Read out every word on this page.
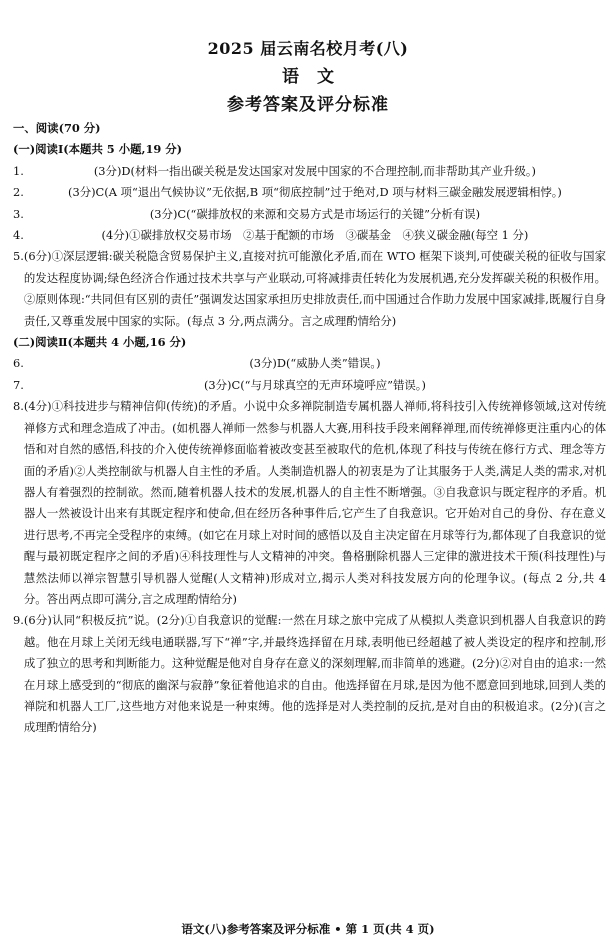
2025 届云南名校月考(八)
语文
参考答案及评分标准
一、阅读(70 分)
(一)阅读Ⅰ(本题共 5 小题,19 分)
1.	(3分)D(材料一指出碳关税是发达国家对发展中国家的不合理控制,而非帮助其产业升级。)
2.	(3分)C(A 项“退出气候协议”无依据,B 项“彻底控制”过于绝对,D 项与材料三碳金融发展逻辑相悖。)
3.	(3分)C(“碳排放权的来源和交易方式是市场运行的关键”分析有误)
4.	(4分)①碳排放权交易市场　②基于配额的市场　③碳基金　④狭义碳金融(每空 1 分)
5. (6分)①深层逻辑:碳关税隐含贸易保护主义,直接对抗可能激化矛盾,而在 WTO 框架下谈判,可使碳关税的征收与国家的发达程度协调;绿色经济合作通过技术共享与产业联动,可将减排责任转化为发展机遇,充分发挥碳关税的积极作用。②原则体现:“共同但有区别的责任”强调发达国家承担历史排放责任,而中国通过合作助力发展中国家减排,既履行自身责任,又尊重发展中国家的实际。(每点 3 分,两点满分。言之成理酌情给分)
(二)阅读Ⅱ(本题共 4 小题,16 分)
6.	(3分)D(“威胁人类”错误。)
7.	(3分)C(“与月球真空的无声环境呼应”错误。)
8. (4分)①科技进步与精神信仰(传统)的矛盾。小说中众多禅院制造专属机器人禅师,将科技引入传统禅修领域,这对传统禅修方式和理念造成了冲击。(如机器人禅师一然参与机器人大赛,用科技手段来阐释禅理,而传统禅修更注重内心的体悟和对自然的感悟,科技的介入使传统禅修面临着被改变甚至被取代的危机,体现了科技与传统在修行方式、理念等方面的矛盾)②人类控制欲与机器人自主性的矛盾。人类制造机器人的初衷是为了让其服务于人类,满足人类的需求,对机器人有着强烈的控制欲。然而,随着机器人技术的发展,机器人的自主性不断增强。③自我意识与既定程序的矛盾。机器人一然被设计出来有其既定程序和使命,但在经历各种事件后,它产生了自我意识。它开始对自己的身份、存在意义进行思考,不再完全受程序的束缚。(如它在月球上对时间的感悟以及自主决定留在月球等行为,都体现了自我意识的觉醒与最初既定程序之间的矛盾)④科技理性与人文精神的冲突。鲁格删除机器人三定律的激进技术干预(科技理性)与慧然法师以禅宗智慧引导机器人觉醒(人文精神)形成对立,揭示人类对科技发展方向的伦理争议。(每点 2 分,共 4 分。答出两点即可满分,言之成理酌情给分)
9. (6分)认同“积极反抗”说。(2分)①自我意识的觉醒:一然在月球之旅中完成了从模拟人类意识到机器人自我意识的跨越。他在月球上关闭无线电通联器,写下“禅”字,并最终选择留在月球,表明他已经超越了被人类设定的程序和控制,形成了独立的思考和判断能力。这种觉醒是他对自身存在意义的深刻理解,而非简单的逃避。(2分)②对自由的追求:一然在月球上感受到的“彻底的幽深与寂静”象征着他追求的自由。他选择留在月球,是因为他不愿意回到地球,回到人类的禅院和机器人工厂,这些地方对他来说是一种束缚。他的选择是对人类控制的反抗,是对自由的积极追求。(2分)(言之成理酌情给分)
语文(八)参考答案及评分标准 • 第 1 页(共 4 页)
